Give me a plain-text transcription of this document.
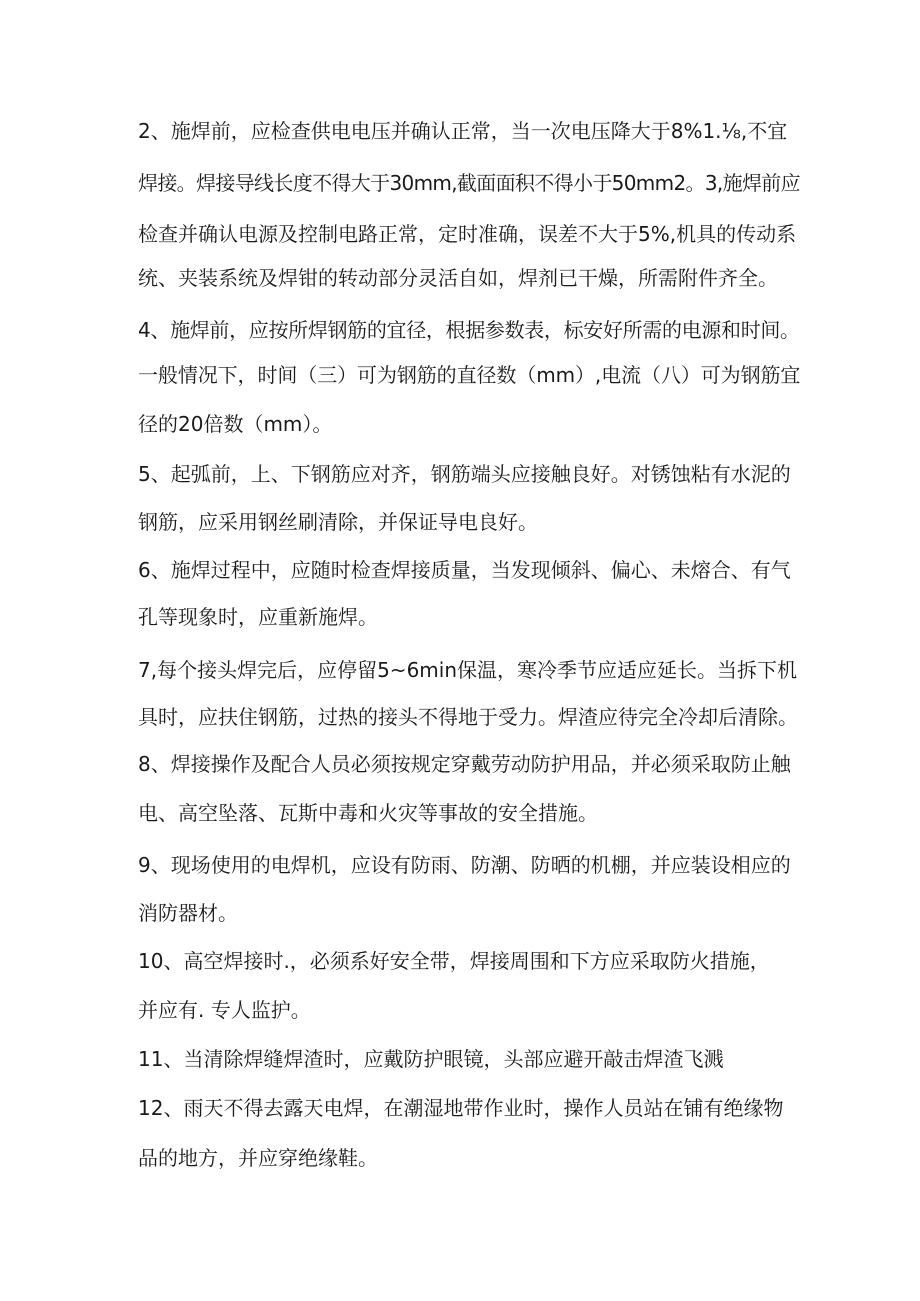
2、施焊前，应检查供电电压并确认正常，当一次电压降大于8%1.⅛,不宜
焊接。焊接导线长度不得大于30mm,截面面积不得小于50mm2。3,施焊前应
检查并确认电源及控制电路正常，定时准确，误差不大于5%,机具的传动系
统、夹装系统及焊钳的转动部分灵活自如，焊剂已干燥，所需附件齐全。
4、施焊前，应按所焊钢筋的宜径，根据参数表，标安好所需的电源和时间。
一般情况下，时间（三）可为钢筋的直径数（mm）,电流（八）可为钢筋宜
径的20倍数（mm）。
5、起弧前，上、下钢筋应对齐，钢筋端头应接触良好。对锈蚀粘有水泥的
钢筋，应采用钢丝刷清除，并保证导电良好。
6、施焊过程中，应随时检查焊接质量，当发现倾斜、偏心、未熔合、有气
孔等现象时，应重新施焊。
7,每个接头焊完后，应停留5~6min保温，寒冷季节应适应延长。当拆下机
具时，应扶住钢筋，过热的接头不得地于受力。焊渣应待完全冷却后清除。
8、焊接操作及配合人员必须按规定穿戴劳动防护用品，并必须采取防止触
电、高空坠落、瓦斯中毒和火灾等事故的安全措施。
9、现场使用的电焊机，应设有防雨、防潮、防晒的机棚，并应装设相应的
消防器材。
10、高空焊接时.，必须系好安全带，焊接周围和下方应采取防火措施，
并应有. 专人监护。
11、当清除焊缝焊渣时，应戴防护眼镜，头部应避开敲击焊渣飞溅
12、雨天不得去露天电焊，在潮湿地带作业时，操作人员站在铺有绝缘物
品的地方，并应穿绝缘鞋。
